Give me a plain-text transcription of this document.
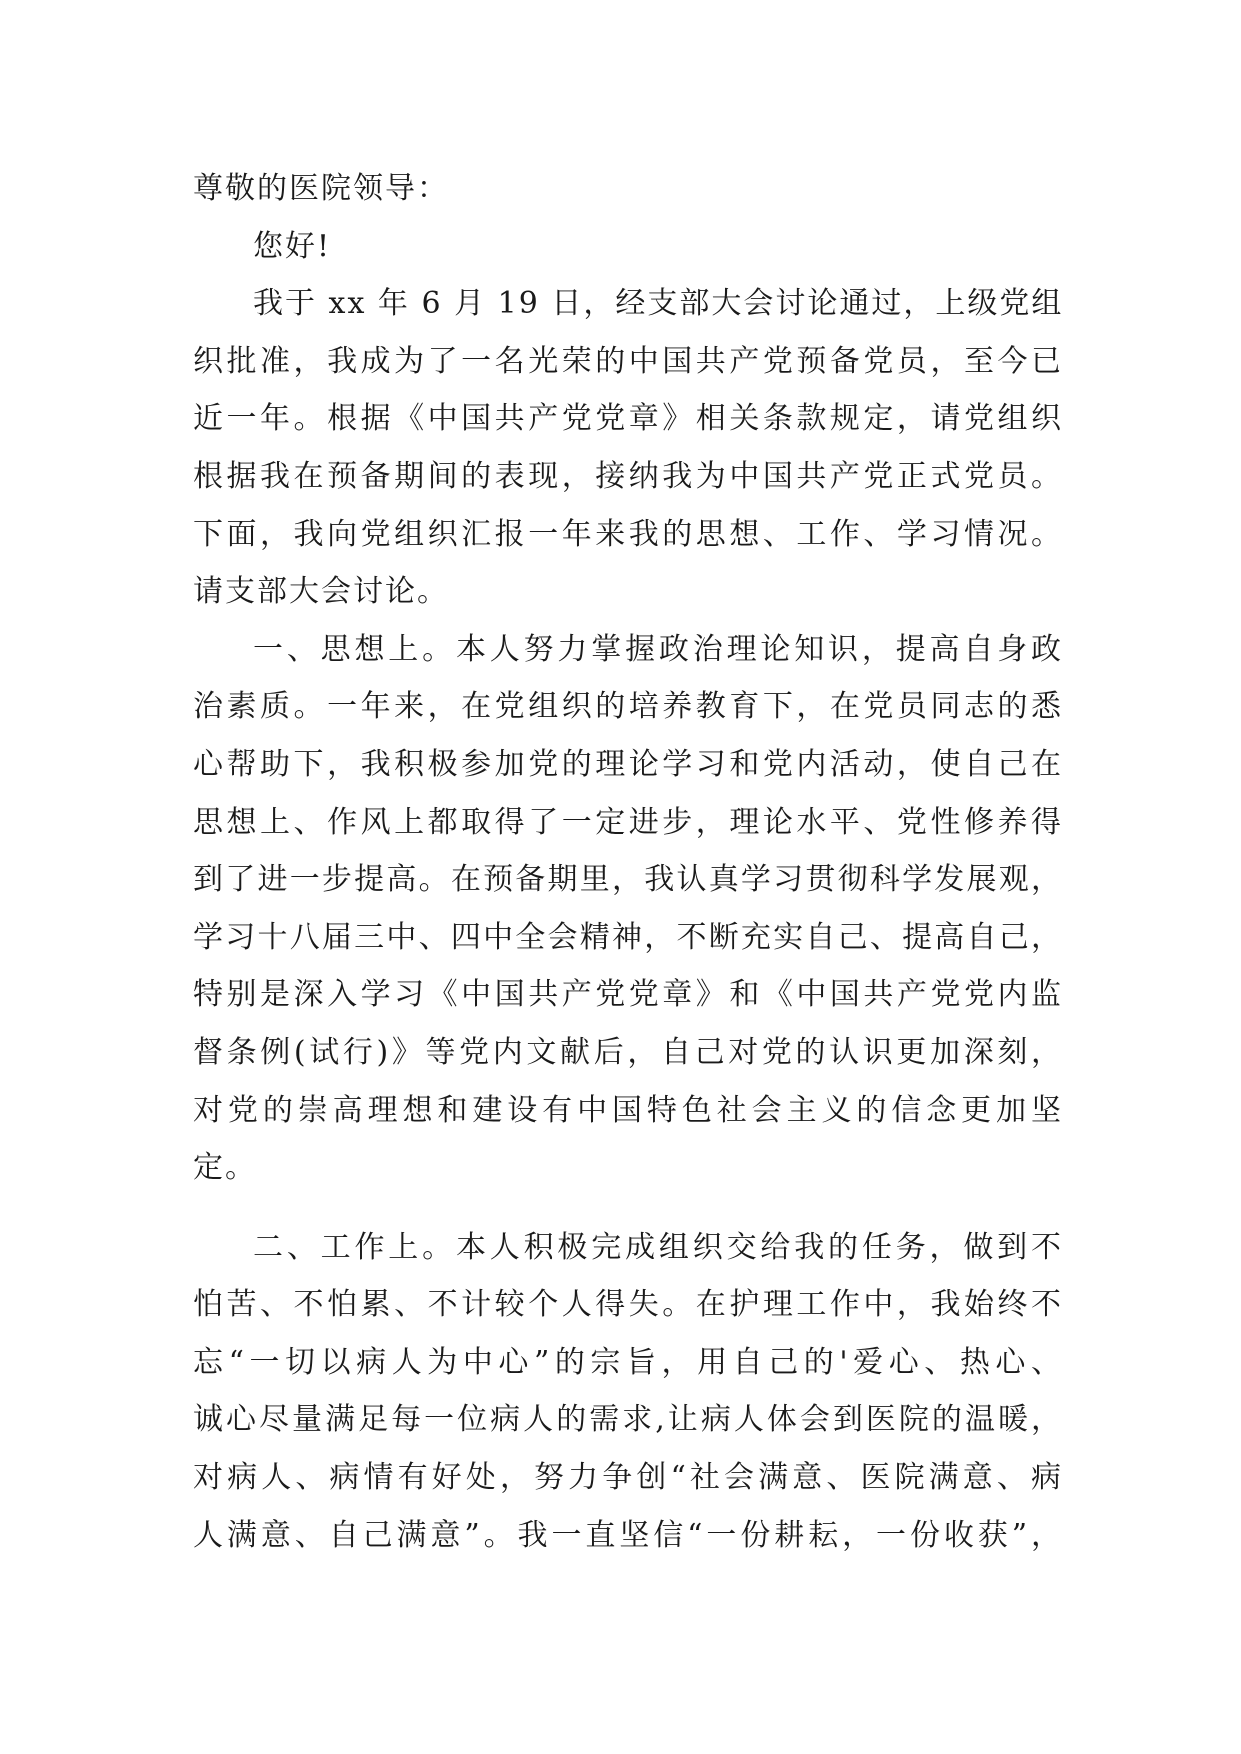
尊敬的医院领导：
您好!
我于 xx 年 6 月 19 日，经支部大会讨论通过，上级党组
织批准，我成为了一名光荣的中国共产党预备党员，至今已
近一年。根据《中国共产党党章》相关条款规定，请党组织
根据我在预备期间的表现，接纳我为中国共产党正式党员。
下面，我向党组织汇报一年来我的思想、工作、学习情况。
请支部大会讨论。
一、思想上。本人努力掌握政治理论知识，提高自身政
治素质。一年来，在党组织的培养教育下，在党员同志的悉
心帮助下，我积极参加党的理论学习和党内活动，使自己在
思想上、作风上都取得了一定进步，理论水平、党性修养得
到了进一步提高。在预备期里，我认真学习贯彻科学发展观，
学习十八届三中、四中全会精神，不断充实自己、提高自己，
特别是深入学习《中国共产党党章》和《中国共产党党内监
督条例(试行)》等党内文献后，自己对党的认识更加深刻，
对党的崇高理想和建设有中国特色社会主义的信念更加坚
定。
二、工作上。本人积极完成组织交给我的任务，做到不
怕苦、不怕累、不计较个人得失。在护理工作中，我始终不
忘“一切以病人为中心”的宗旨，用自己的'爱心、热心、
诚心尽量满足每一位病人的需求,让病人体会到医院的温暖，
对病人、病情有好处，努力争创“社会满意、医院满意、病
人满意、自己满意”。我一直坚信“一份耕耘，一份收获”，
